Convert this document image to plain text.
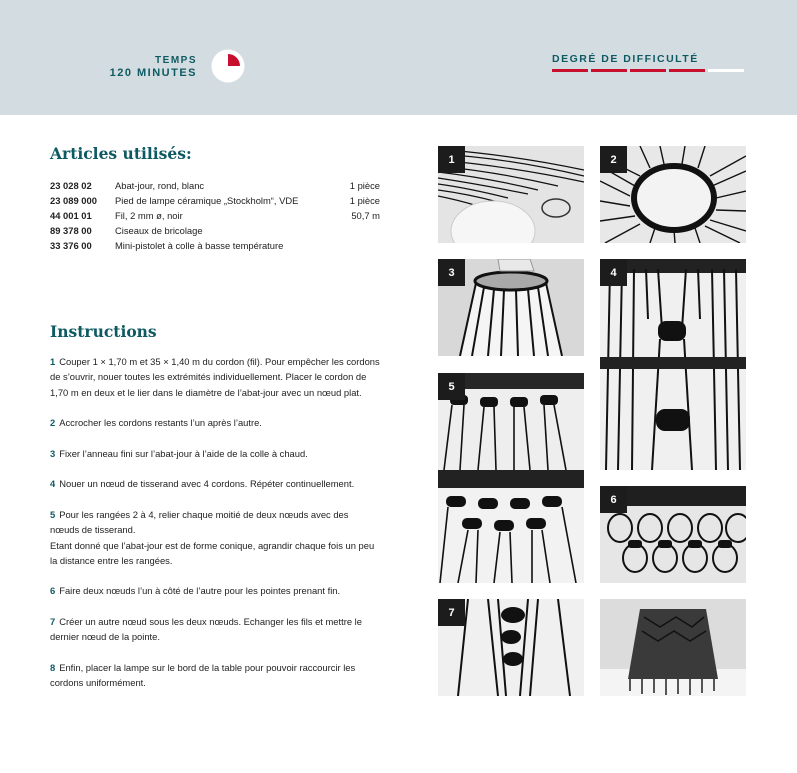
TEMPS
120 MINUTES
DEGRÉ DE DIFFICULTÉ
Articles utilisés:
23 028 02	Abat-jour, rond, blanc	1 pièce
23 089 000	Pied de lampe céramique „Stockholm“, VDE	1 pièce
44 001 01	Fil, 2 mm ø, noir	50,7 m
89 378 00	Ciseaux de bricolage
33 376 00	Mini-pistolet à colle à basse température
Instructions
1 Couper 1 × 1,70 m et 35 × 1,40 m du cordon (fil). Pour empêcher les cordons de s’ouvrir, nouer toutes les extrémités individuellement. Placer le cordon de 1,70 m en deux et le lier dans le diamètre de l’abat-jour avec un nœud plat.
2 Accrocher les cordons restants l’un après l’autre.
3 Fixer l’anneau fini sur l’abat-jour à l’aide de la colle à chaud.
4 Nouer un nœud de tisserand avec 4 cordons. Répéter continuellement.
5 Pour les rangées 2 à 4, relier chaque moitié de deux nœuds avec des nœuds de tisserand.
Etant donné que l’abat-jour est de forme conique, agrandir chaque fois un peu la distance entre les rangées.
6 Faire deux nœuds l’un à côté de l’autre pour les pointes prenant fin.
7 Créer un autre nœud sous les deux nœuds. Echanger les fils et mettre le dernier nœud de la pointe.
8 Enfin, placer la lampe sur le bord de la table pour pouvoir raccourcir les cordons uniformément.
1	2
3	4
5
6
7
